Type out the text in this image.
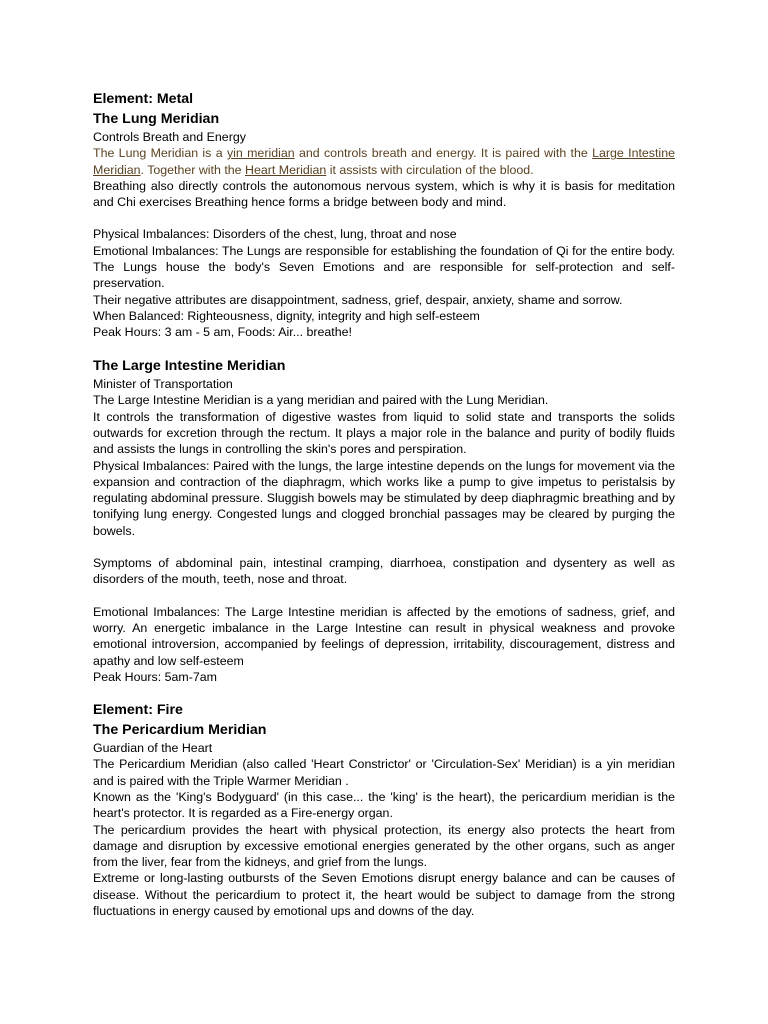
Element: Metal
The Lung Meridian
Controls Breath and Energy

The Lung Meridian is a yin meridian and controls breath and energy. It is paired with the Large Intestine Meridian. Together with the Heart Meridian it assists with circulation of the blood.

Breathing also directly controls the autonomous nervous system, which is why it is basis for meditation and Chi exercises Breathing hence forms a bridge between body and mind.

Physical Imbalances: Disorders of the chest, lung, throat and nose

Emotional Imbalances: The Lungs are responsible for establishing the foundation of Qi for the entire body. The Lungs house the body's Seven Emotions and are responsible for self-protection and self-preservation.

Their negative attributes are disappointment, sadness, grief, despair, anxiety, shame and sorrow.

When Balanced: Righteousness, dignity, integrity and high self-esteem

Peak Hours: 3 am - 5 am, Foods: Air... breathe!

The Large Intestine Meridian
Minister of Transportation

The Large Intestine Meridian is a yang meridian and paired with the Lung Meridian.

It controls the transformation of digestive wastes from liquid to solid state and transports the solids outwards for excretion through the rectum. It plays a major role in the balance and purity of bodily fluids and assists the lungs in controlling the skin's pores and perspiration.

Physical Imbalances: Paired with the lungs, the large intestine depends on the lungs for movement via the expansion and contraction of the diaphragm, which works like a pump to give impetus to peristalsis by regulating abdominal pressure. Sluggish bowels may be stimulated by deep diaphragmic breathing and by tonifying lung energy. Congested lungs and clogged bronchial passages may be cleared by purging the bowels.

Symptoms of abdominal pain, intestinal cramping, diarrhoea, constipation and dysentery as well as disorders of the mouth, teeth, nose and throat.

Emotional Imbalances: The Large Intestine meridian is affected by the emotions of sadness, grief, and worry. An energetic imbalance in the Large Intestine can result in physical weakness and provoke emotional introversion, accompanied by feelings of depression, irritability, discouragement, distress and apathy and low self-esteem

Peak Hours: 5am-7am

Element: Fire
The Pericardium Meridian
Guardian of the Heart

The Pericardium Meridian (also called 'Heart Constrictor' or 'Circulation-Sex' Meridian) is a yin meridian and is paired with the Triple Warmer Meridian .

Known as the 'King's Bodyguard' (in this case... the 'king' is the heart), the pericardium meridian is the heart's protector. It is regarded as a Fire-energy organ.

The pericardium provides the heart with physical protection, its energy also protects the heart from damage and disruption by excessive emotional energies generated by the other organs, such as anger from the liver, fear from the kidneys, and grief from the lungs.

Extreme or long-lasting outbursts of the Seven Emotions disrupt energy balance and can be causes of disease. Without the pericardium to protect it, the heart would be subject to damage from the strong fluctuations in energy caused by emotional ups and downs of the day.
